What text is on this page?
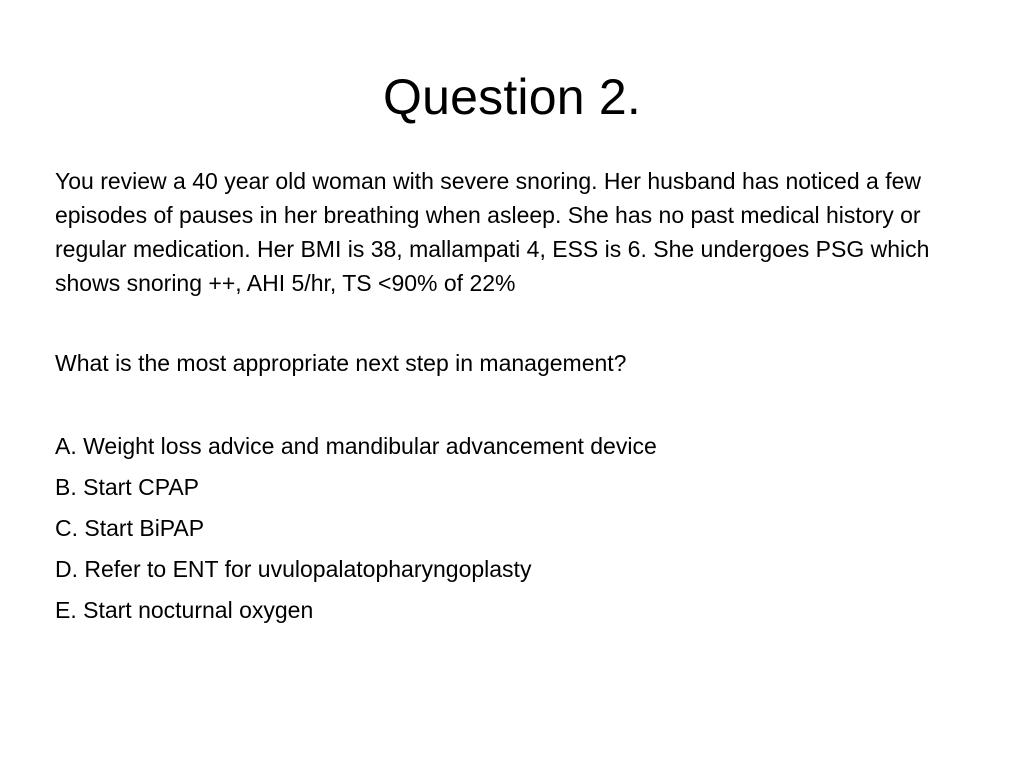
Question 2.

You review a 40 year old woman with severe snoring. Her husband has noticed a few episodes of pauses in her breathing when asleep. She has no past medical history or regular medication. Her BMI is 38, mallampati 4, ESS is 6. She undergoes PSG which shows snoring ++, AHI 5/hr, TS <90% of 22%

What is the most appropriate next step in management?

A. Weight loss advice and mandibular advancement device
B. Start CPAP
C. Start BiPAP
D. Refer to ENT for uvulopalatopharyngoplasty
E. Start nocturnal oxygen
